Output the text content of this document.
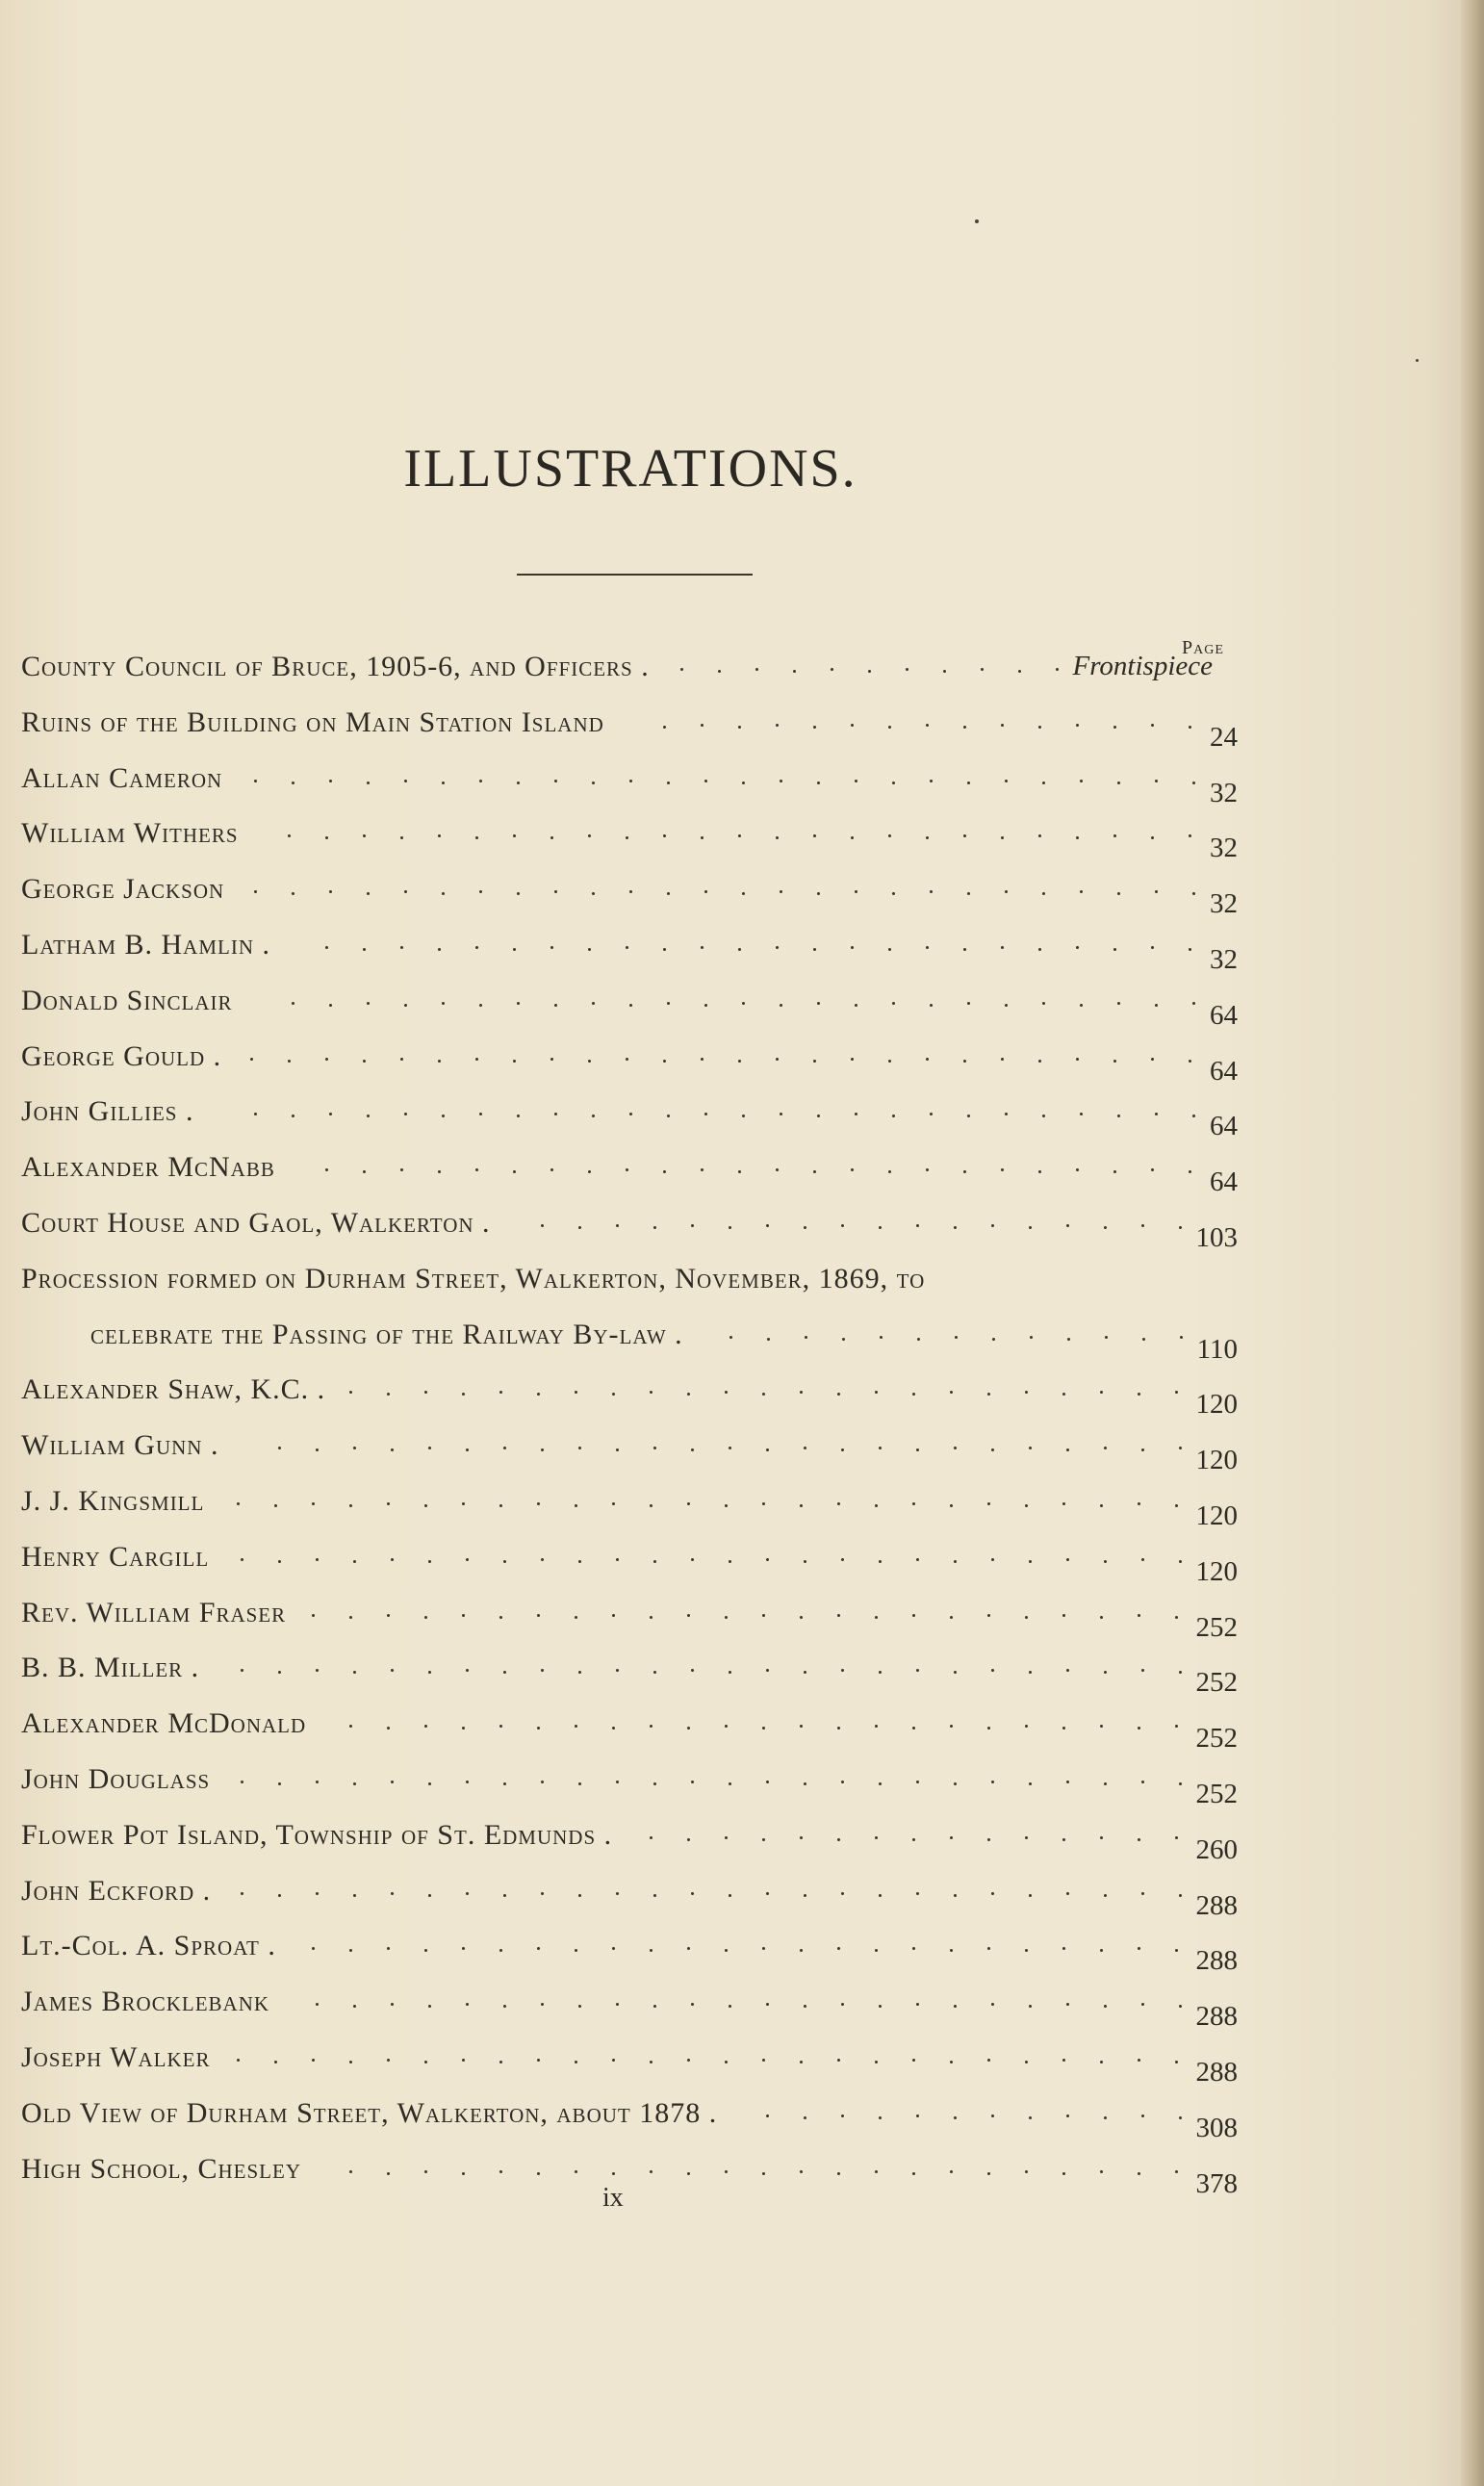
ILLUSTRATIONS.
Page
County Council of Bruce, 1905-6, and Officers .	Frontispiece
Ruins of the Building on Main Station Island	24
Allan Cameron	32
William Withers	32
George Jackson	32
Latham B. Hamlin .	32
Donald Sinclair	64
George Gould .	64
John Gillies .	64
Alexander McNabb	64
Court House and Gaol, Walkerton .	103
Procession formed on Durham Street, Walkerton, November, 1869, to
celebrate the Passing of the Railway By-law .	110
Alexander Shaw, K.C. .	120
William Gunn .	120
J. J. Kingsmill	120
Henry Cargill	120
Rev. William Fraser	252
B. B. Miller .	252
Alexander McDonald	252
John Douglass	252
Flower Pot Island, Township of St. Edmunds .	260
John Eckford .	288
Lt.-Col. A. Sproat .	288
James Brocklebank	288
Joseph Walker	288
Old View of Durham Street, Walkerton, about 1878 .	308
High School, Chesley	378
ix
